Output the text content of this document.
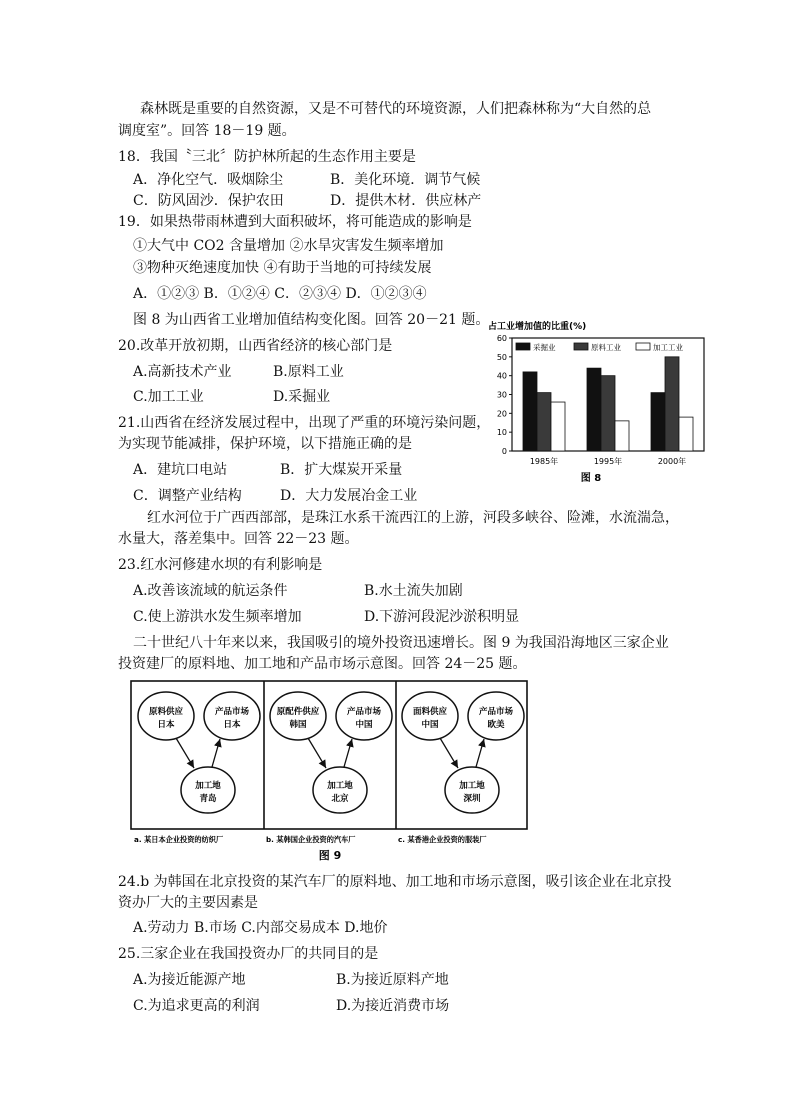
森林既是重要的自然资源，又是不可替代的环境资源，人们把森林称为“大自然的总
调度室”。回答 18－19 题。
18．我国〝三北〞防护林所起的生态作用主要是
A．净化空气．吸烟除尘	B．美化环境．调节气候
C．防风固沙．保护农田	D．提供木材．供应林产
19．如果热带雨林遭到大面积破坏，将可能造成的影响是
①大气中 CO2 含量增加 ②水旱灾害发生频率增加
③物种灭绝速度加快 ④有助于当地的可持续发展
A．①②③ B．①②④ C．②③④ D．①②③④
图 8 为山西省工业增加值结构变化图。回答 20－21 题。
20.改革开放初期，山西省经济的核心部门是
A.高新技术产业	B.原料工业
C.加工工业	D.采掘业
21.山西省在经济发展过程中，出现了严重的环境污染问题，
为实现节能减排，保护环境，以下措施正确的是
A．建坑口电站	B．扩大煤炭开采量
C．调整产业结构	D．大力发展冶金工业
红水河位于广西西部部，是珠江水系干流西江的上游，河段多峡谷、险滩，水流湍急，
水量大，落差集中。回答 22－23 题。
23.红水河修建水坝的有利影响是
A.改善该流域的航运条件	B.水土流失加剧
C.使上游洪水发生频率增加	D.下游河段泥沙淤积明显
二十世纪八十年来以来，我国吸引的境外投资迅速增长。图 9 为我国沿海地区三家企业
投资建厂的原料地、加工地和产品市场示意图。回答 24－25 题。
占工业增加值的比重(%)
0
10
20
30
40
50
60
采掘业	原料工业	加工工业
1985年	1995年	2000年
图 8
原料供应
日本
产品市场
日本
加工地
青岛
a. 某日本企业投资的纺织厂
原配件供应
韩国
产品市场
中国
加工地
北京
b. 某韩国企业投资的汽车厂
面料供应
中国
产品市场
欧美
加工地
深圳
c. 某香港企业投资的服装厂
图 9
24.b 为韩国在北京投资的某汽车厂的原料地、加工地和市场示意图，吸引该企业在北京投
资办厂大的主要因素是
A.劳动力 B.市场 C.内部交易成本 D.地价
25.三家企业在我国投资办厂的共同目的是
A.为接近能源产地	B.为接近原料产地
C.为追求更高的利润	D.为接近消费市场
